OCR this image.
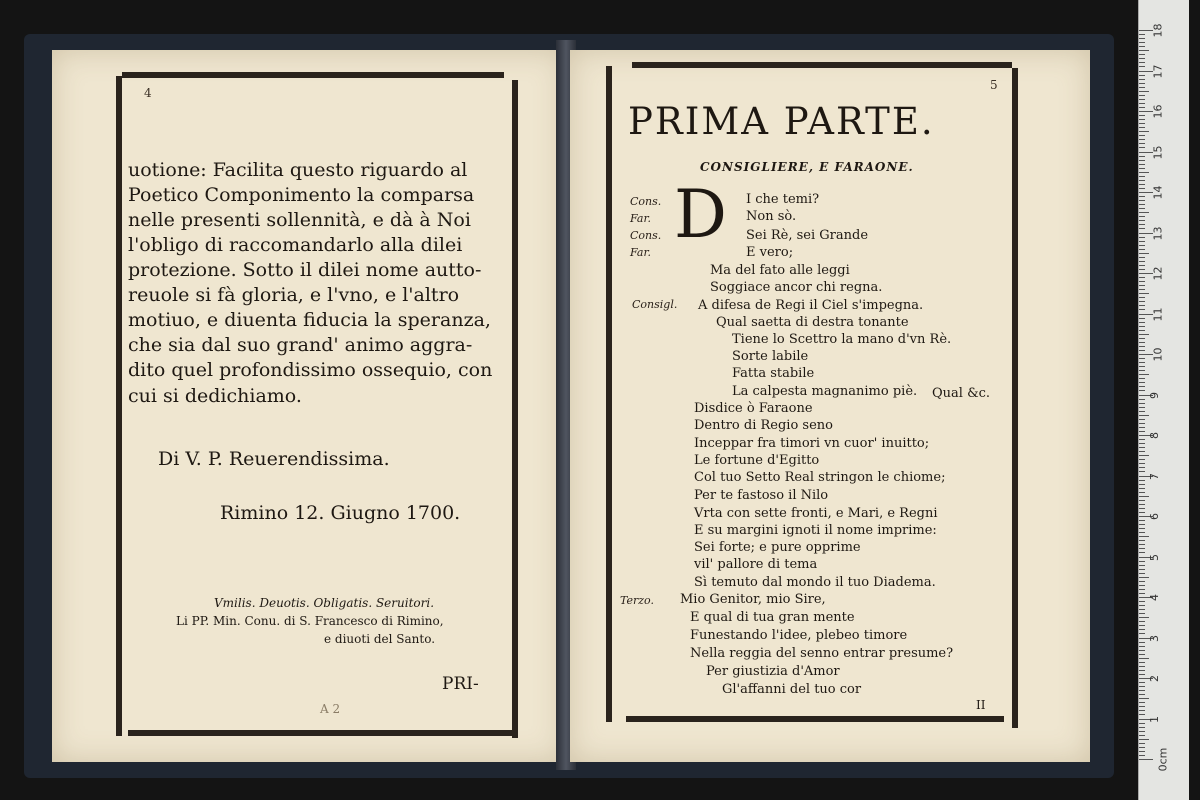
4
uotione: Facilita questo riguardo al
Poetico Componimento la comparsa
nelle presenti sollennità, e dà à Noi
l'obligo di raccomandarlo alla dilei
protezione. Sotto il dilei nome autto-
reuole si fà gloria, e l'vno, e l'altro
motiuo, e diuenta fiducia la speranza,
che sia dal suo grand' animo aggra-
dito quel profondissimo ossequio, con
cui si dedichiamo.
Di V. P. Reuerendissima.
Rimino 12. Giugno 1700.
Vmilis. Deuotis. Obligatis. Seruitori.
Li PP. Min. Conu. di S. Francesco di Rimino,
e diuoti del Santo.
PRI-
A 2
5
PRIMA PARTE.
CONSIGLIERE, E FARAONE.
D
Cons.
Far.
Cons.
Far.
Consigl.
Terzo.
I che temi?
Non sò.
Sei Rè, sei Grande
E vero;
Ma del fato alle leggi
Soggiace ancor chi regna.
A difesa de Regi il Ciel s'impegna.
Qual saetta di destra tonante
Tiene lo Scettro la mano d'vn Rè.
Sorte labile
Fatta stabile
La calpesta magnanimo piè. Qual &c.
Disdice ò Faraone
Dentro di Regio seno
Inceppar fra timori vn cuor' inuitto;
Le fortune d'Egitto
Col tuo Setto Real stringon le chiome;
Per te fastoso il Nilo
Vrta con sette fronti, e Mari, e Regni
E su margini ignoti il nome imprime:
Sei forte; e pure opprime
vil' pallore di tema
Sì temuto dal mondo il tuo Diadema.
Mio Genitor, mio Sire,
E qual di tua gran mente
Funestando l'idee, plebeo timore
Nella reggia del senno entrar presume?
Per giustizia d'Amor
Gl'affanni del tuo cor
II
18
17
16
15
14
13
12
11
10
9
8
7
6
5
4
3
2
1
0cm
